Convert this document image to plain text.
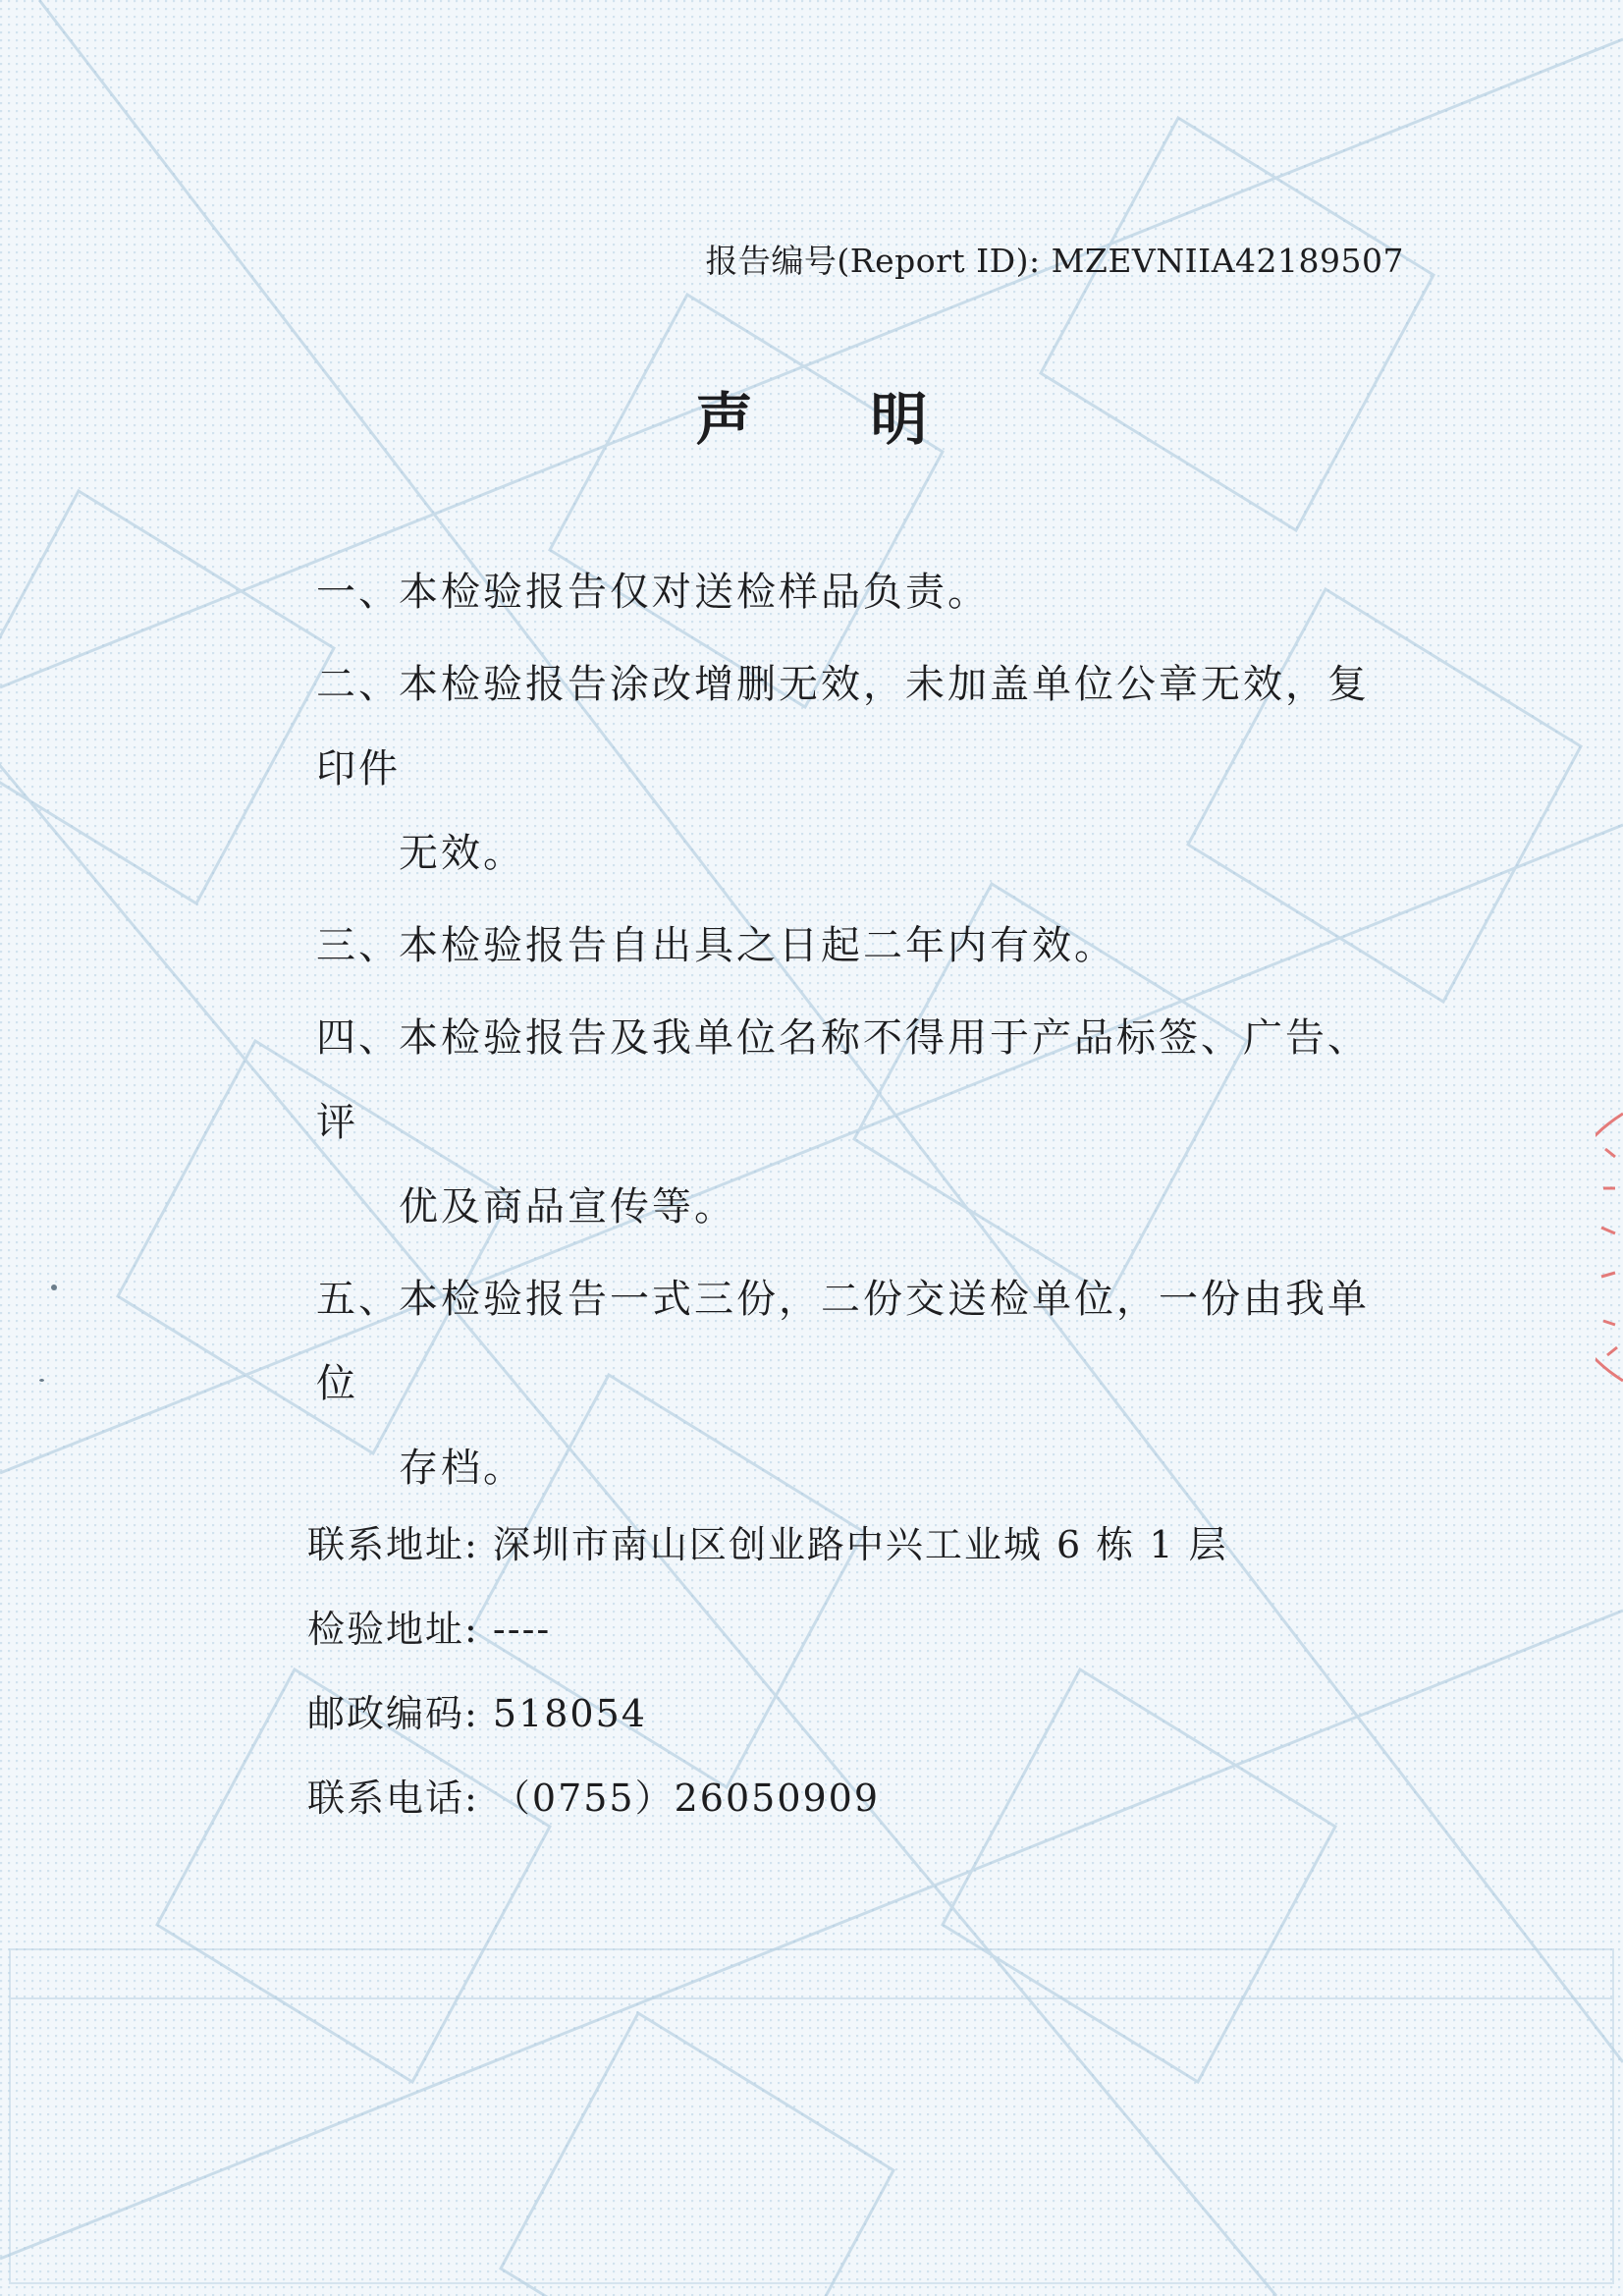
报告编号(Report ID): MZEVNIIA42189507
声 明
一、本检验报告仅对送检样品负责。
二、本检验报告涂改增删无效，未加盖单位公章无效，复印件
无效。
三、本检验报告自出具之日起二年内有效。
四、本检验报告及我单位名称不得用于产品标签、广告、评
优及商品宣传等。
五、本检验报告一式三份，二份交送检单位，一份由我单位
存档。
联系地址: 深圳市南山区创业路中兴工业城 6 栋 1 层
检验地址: ----
邮政编码: 518054
联系电话: （0755）26050909
